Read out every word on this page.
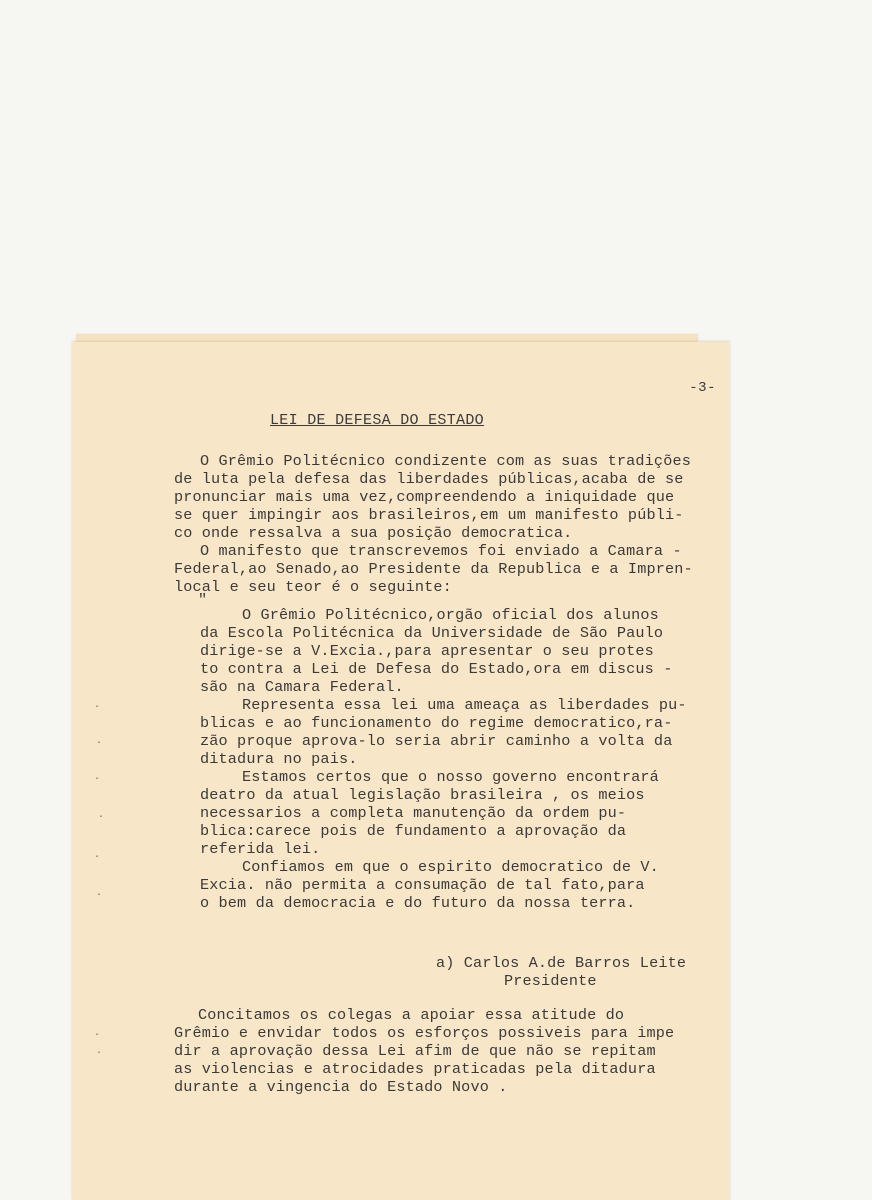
-3-
LEI DE DEFESA DO ESTADO
O Grêmio Politécnico condizente com as suas tradições
de luta pela defesa das liberdades públicas,acaba de se
pronunciar mais uma vez,compreendendo a iniquidade que
se quer impingir aos brasileiros,em um manifesto públi-
co onde ressalva a sua posição democratica.
O manifesto que transcrevemos foi enviado a Camara -
Federal,ao Senado,ao Presidente da Republica e a Impren-
local e seu teor é o seguinte:
"
O Grêmio Politécnico,orgão oficial dos alunos
da Escola Politécnica da Universidade de São Paulo
dirige-se a V.Excia.,para apresentar o seu protes
to contra a Lei de Defesa do Estado,ora em discus -
são na Camara Federal.
Representa essa lei uma ameaça as liberdades pu-
blicas e ao funcionamento do regime democratico,ra-
zão proque aprova-lo seria abrir caminho a volta da
ditadura no pais.
Estamos certos que o nosso governo encontrará
deatro da atual legislação brasileira , os meios
necessarios a completa manutenção da ordem pu-
blica:carece pois de fundamento a aprovação da
referida lei.
Confiamos em que o espirito democratico de V.
Excia. não permita a consumação de tal fato,para
o bem da democracia e do futuro da nossa terra.
a) Carlos A.de Barros Leite
Presidente
Concitamos os colegas a apoiar essa atitude do
Grêmio e envidar todos os esforços possiveis para impe
dir a aprovação dessa Lei afim de que não se repitam
as violencias e atrocidades praticadas pela ditadura
durante a vingencia do Estado Novo .
·
·
·
·
·
·
·
·
